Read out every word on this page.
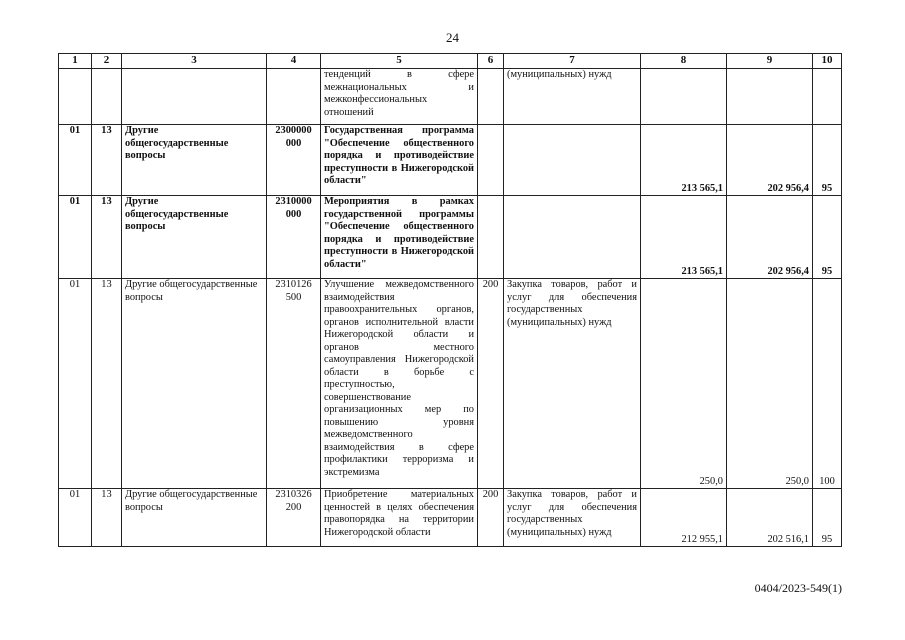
24
1	2	3	4	5	6	7	8	9	10
				тенденций в сфере межнациональных и межконфессиональных отношений		(муниципальных) нужд			
01	13	Другие общегосударственные вопросы	2300000 000	Государственная программа "Обеспечение общественного порядка и противодействие преступности в Нижегородской области"			213 565,1	202 956,4	95
01	13	Другие общегосударственные вопросы	2310000 000	Мероприятия в рамках государственной программы "Обеспечение общественного порядка и противодействие преступности в Нижегородской области"			213 565,1	202 956,4	95
01	13	Другие общегосударственные вопросы	2310126 500	Улучшение межведомственного взаимодействия правоохранительных органов, органов исполнительной власти Нижегородской области и органов местного самоуправления Нижегородской области в борьбе с преступностью, совершенствование организационных мер по повышению уровня межведомственного взаимодействия в сфере профилактики терроризма и экстремизма	200	Закупка товаров, работ и услуг для обеспечения государственных (муниципальных) нужд	250,0	250,0	100
01	13	Другие общегосударственные вопросы	2310326 200	Приобретение материальных ценностей в целях обеспечения правопорядка на территории Нижегородской области	200	Закупка товаров, работ и услуг для обеспечения государственных (муниципальных) нужд	212 955,1	202 516,1	95
0404/2023-549(1)
